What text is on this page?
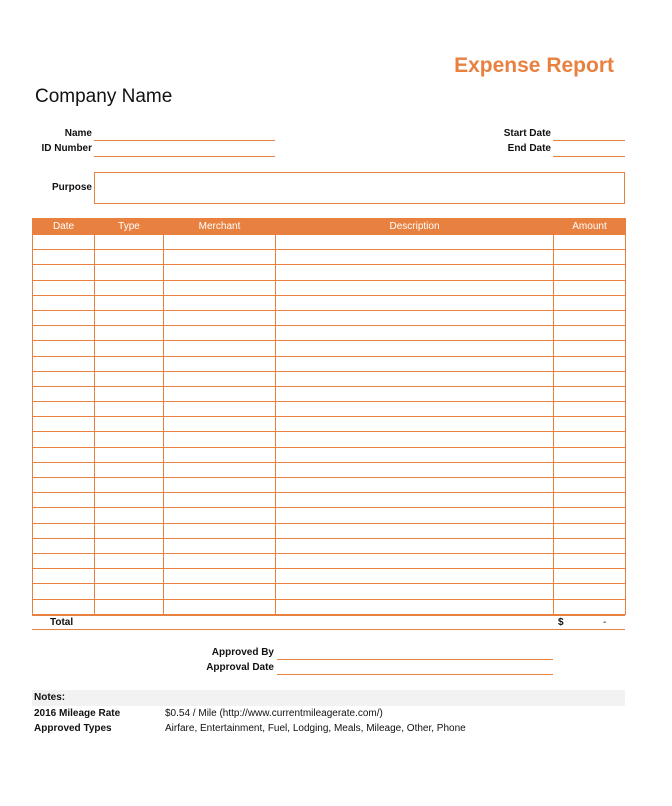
Expense Report
Company Name
Name
ID Number
Start Date
End Date
Purpose
Date	Type	Merchant	Description	Amount

Total	$	-
Approved By
Approval Date
Notes:
2016 Mileage Rate	$0.54 / Mile (http://www.currentmileagerate.com/)
Approved Types	Airfare, Entertainment, Fuel, Lodging, Meals, Mileage, Other, Phone
